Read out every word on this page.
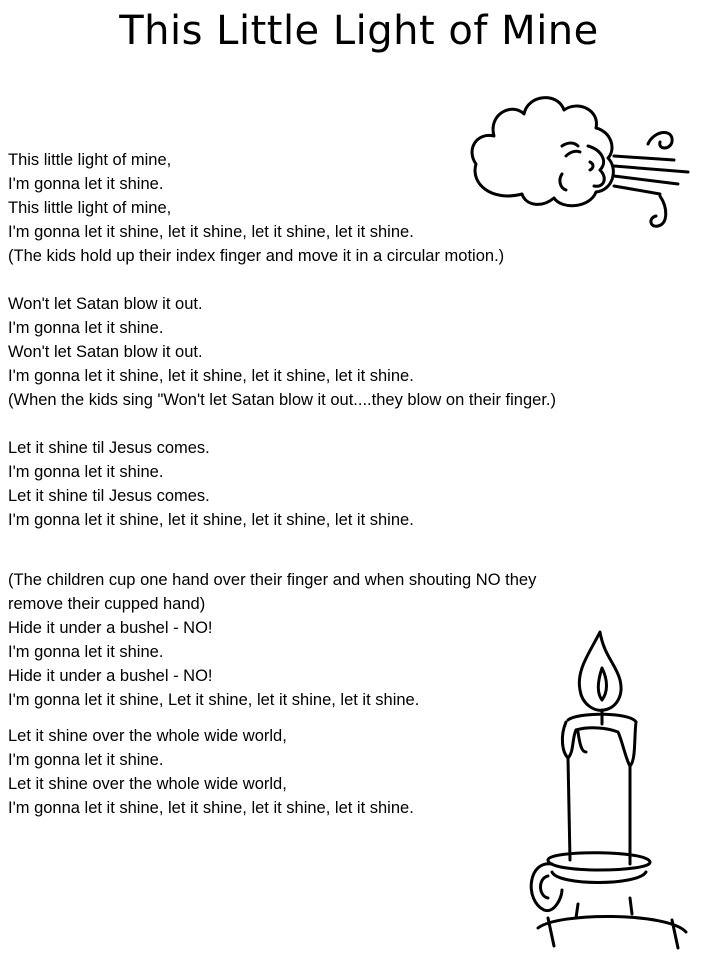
This Little Light of Mine
This little light of mine,
I'm gonna let it shine.
This little light of mine,
I'm gonna let it shine, let it shine, let it shine, let it shine.
(The kids hold up their index finger and move it in a circular motion.)
Won't let Satan blow it out.
I'm gonna let it shine.
Won't let Satan blow it out.
I'm gonna let it shine, let it shine, let it shine, let it shine.
(When the kids sing "Won't let Satan blow it out....they blow on their finger.)
Let it shine til Jesus comes.
I'm gonna let it shine.
Let it shine til Jesus comes.
I'm gonna let it shine, let it shine, let it shine, let it shine.
(The children cup one hand over their finger and when shouting NO they
remove their cupped hand)
Hide it under a bushel - NO!
I'm gonna let it shine.
Hide it under a bushel - NO!
I'm gonna let it shine, Let it shine, let it shine, let it shine.
Let it shine over the whole wide world,
I'm gonna let it shine.
Let it shine over the whole wide world,
I'm gonna let it shine, let it shine, let it shine, let it shine.
